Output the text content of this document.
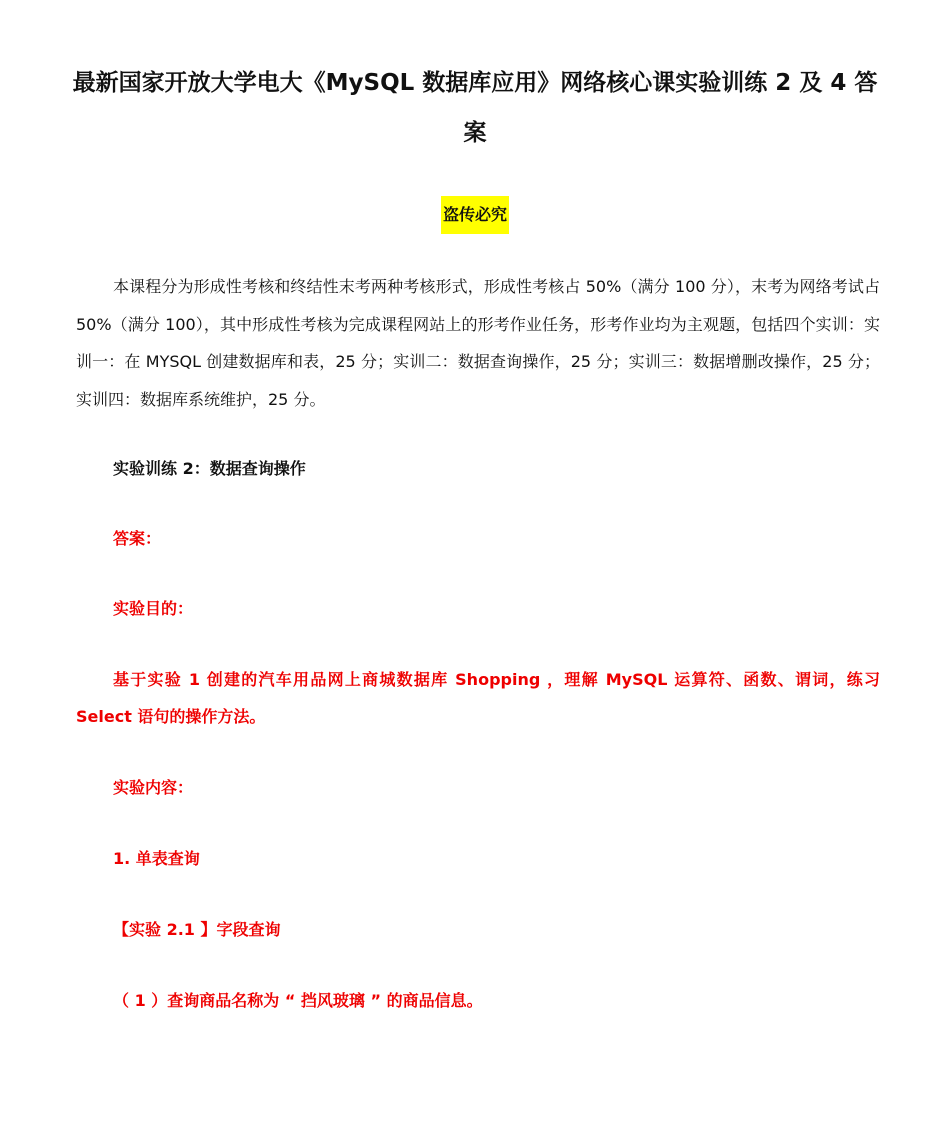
最新国家开放大学电大《MySQL 数据库应用》网络核心课实验训练 2 及 4 答案
盗传必究
本课程分为形成性考核和终结性末考两种考核形式，形成性考核占 50%（满分 100 分），末考为网络考试占 50%（满分 100），其中形成性考核为完成课程网站上的形考作业任务，形考作业均为主观题，包括四个实训：实训一：在 MYSQL 创建数据库和表，25 分；实训二：数据查询操作，25 分；实训三：数据增删改操作，25 分；实训四：数据库系统维护，25 分。
实验训练 2：数据查询操作
答案：
实验目的：
基于实验 1 创建的汽车用品网上商城数据库 Shopping ，理解 MySQL 运算符、函数、谓词，练习 Select 语句的操作方法。
实验内容：
1. 单表查询
【实验 2.1 】字段查询
（ 1 ）查询商品名称为 “ 挡风玻璃 ” 的商品信息。
